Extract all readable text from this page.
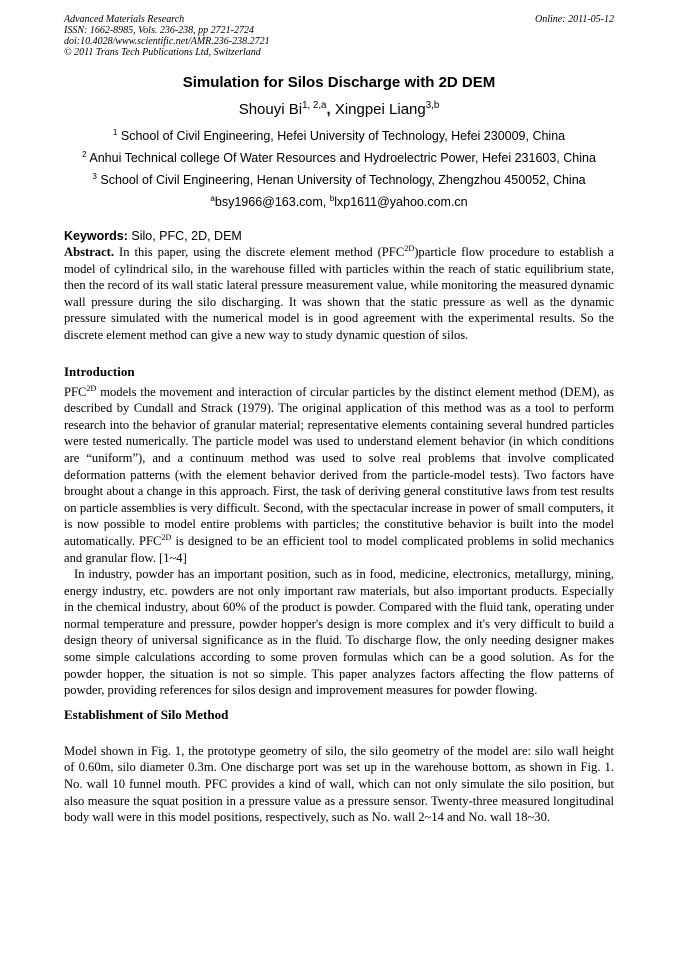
Advanced Materials Research
ISSN: 1662-8985, Vols. 236-238, pp 2721-2724
doi:10.4028/www.scientific.net/AMR.236-238.2721
© 2011 Trans Tech Publications Ltd, Switzerland
Online: 2011-05-12
Simulation for Silos Discharge with 2D DEM
Shouyi Bi$^{1, 2,a}$, Xingpei Liang$^{3,b}$
$^1$ School of Civil Engineering, Hefei University of Technology, Hefei 230009, China
$^2$ Anhui Technical college Of Water Resources and Hydroelectric Power, Hefei 231603, China
$^3$ School of Civil Engineering, Henan University of Technology, Zhengzhou 450052, China
$^a$bsy1966@163.com, $^b$lxp1611@yahoo.com.cn
Keywords: Silo, PFC, 2D, DEM

Abstract. In this paper, using the discrete element method $(PFC^{2D})particle$ flow procedure to establish a model of cylindrical silo, in the warehouse filled with particles within the reach of static equilibrium state, then the record of its wall static lateral pressure measurement value, while monitoring the measured dynamic wall pressure during the silo discharging. It was shown that the static pressure as well as the dynamic pressure simulated with the numerical model is in good agreement with the experimental results. So the discrete element method can give a new way to study dynamic question of silos.

Introduction

$PFC^{2D}$ models the movement and interaction of circular particles by the distinct element method (DEM), as described by Cundall and Strack (1979). The original application of this method was as a tool to perform research into the behavior of granular material; representative elements containing several hundred particles were tested numerically. The particle model was used to understand element behavior (in which conditions are “uniform”), and a continuum method was used to solve real problems that involve complicated deformation patterns (with the element behavior derived from the particle-model tests). Two factors have brought about a change in this approach. First, the task of deriving general constitutive laws from test results on particle assemblies is very difficult. Second, with the spectacular increase in power of small computers, it is now possible to model entire problems with particles; the constitutive behavior is built into the model automatically. $PFC^{2D}$ is designed to be an efficient tool to model complicated problems in solid mechanics and granular flow. [1~4]

In industry, powder has an important position, such as in food, medicine, electronics, metallurgy, mining, energy industry, etc. powders are not only important raw materials, but also important products. Especially in the chemical industry, about 60% of the product is powder. Compared with the fluid tank, operating under normal temperature and pressure, powder hopper's design is more complex and it's very difficult to build a design theory of universal significance as in the fluid. To discharge flow, the only needing designer makes some simple calculations according to some proven formulas which can be a good solution. As for the powder hopper, the situation is not so simple. This paper analyzes factors affecting the flow patterns of powder, providing references for silos design and improvement measures for powder flowing.

Establishment of Silo Method

Model shown in Fig. 1, the prototype geometry of silo, the silo geometry of the model are: silo wall height of 0.60m, silo diameter 0.3m. One discharge port was set up in the warehouse bottom, as shown in Fig. 1. No. wall 10 funnel mouth. PFC provides a kind of wall, which can not only simulate the silo position, but also measure the squat position in a pressure value as a pressure sensor. Twenty-three measured longitudinal body wall were in this model positions, respectively, such as No. wall 2~14 and No. wall 18~30.
